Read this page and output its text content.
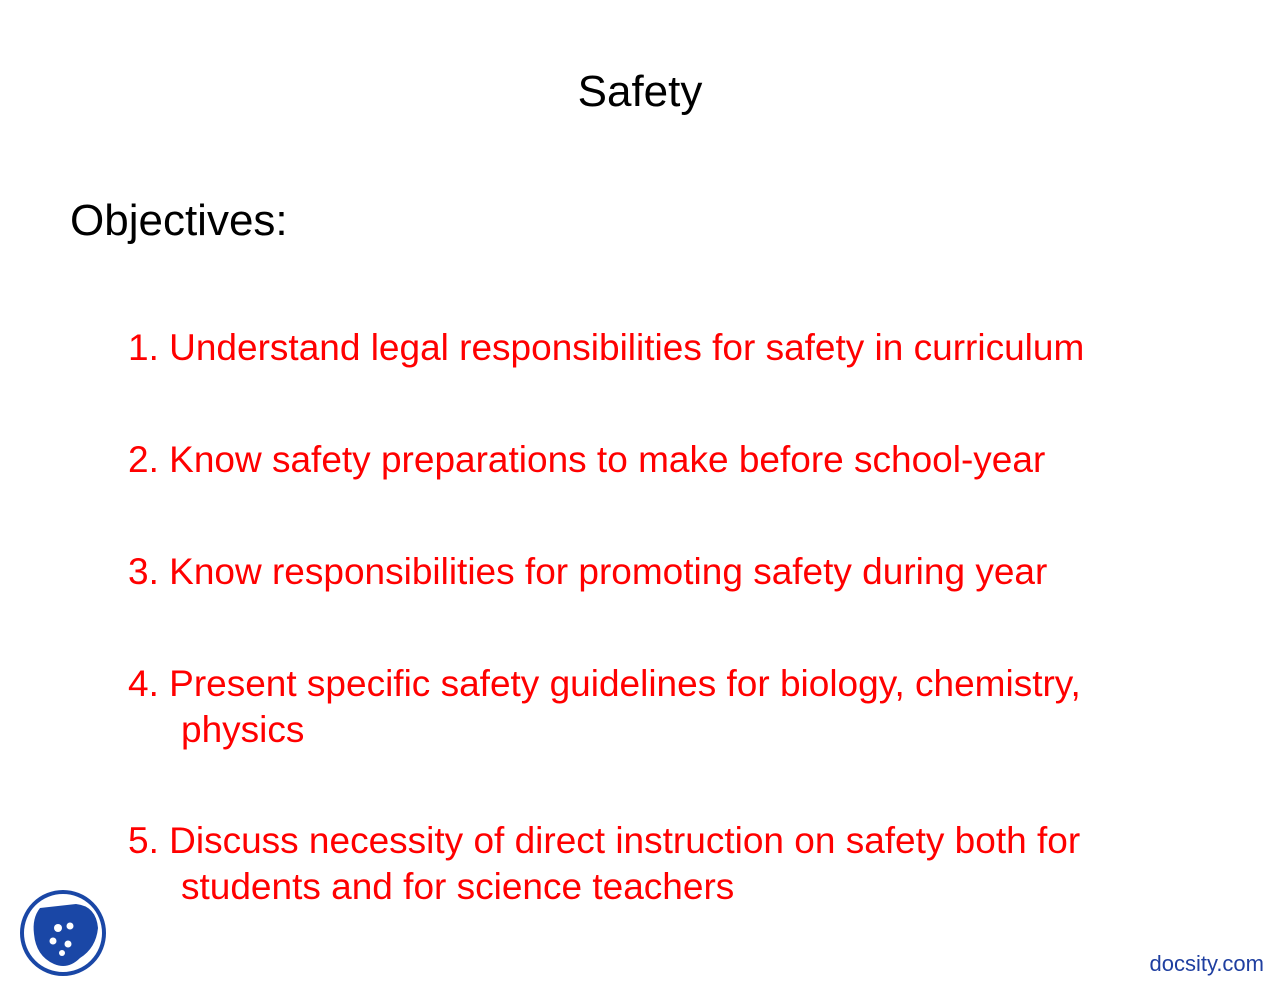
Safety
Objectives:
1. Understand legal responsibilities for safety in curriculum
2. Know safety preparations to make before school-year
3. Know responsibilities for promoting safety during year
4. Present specific safety guidelines for biology, chemistry,
physics
5. Discuss necessity of direct instruction on safety both for
students and for science teachers
docsity.com
